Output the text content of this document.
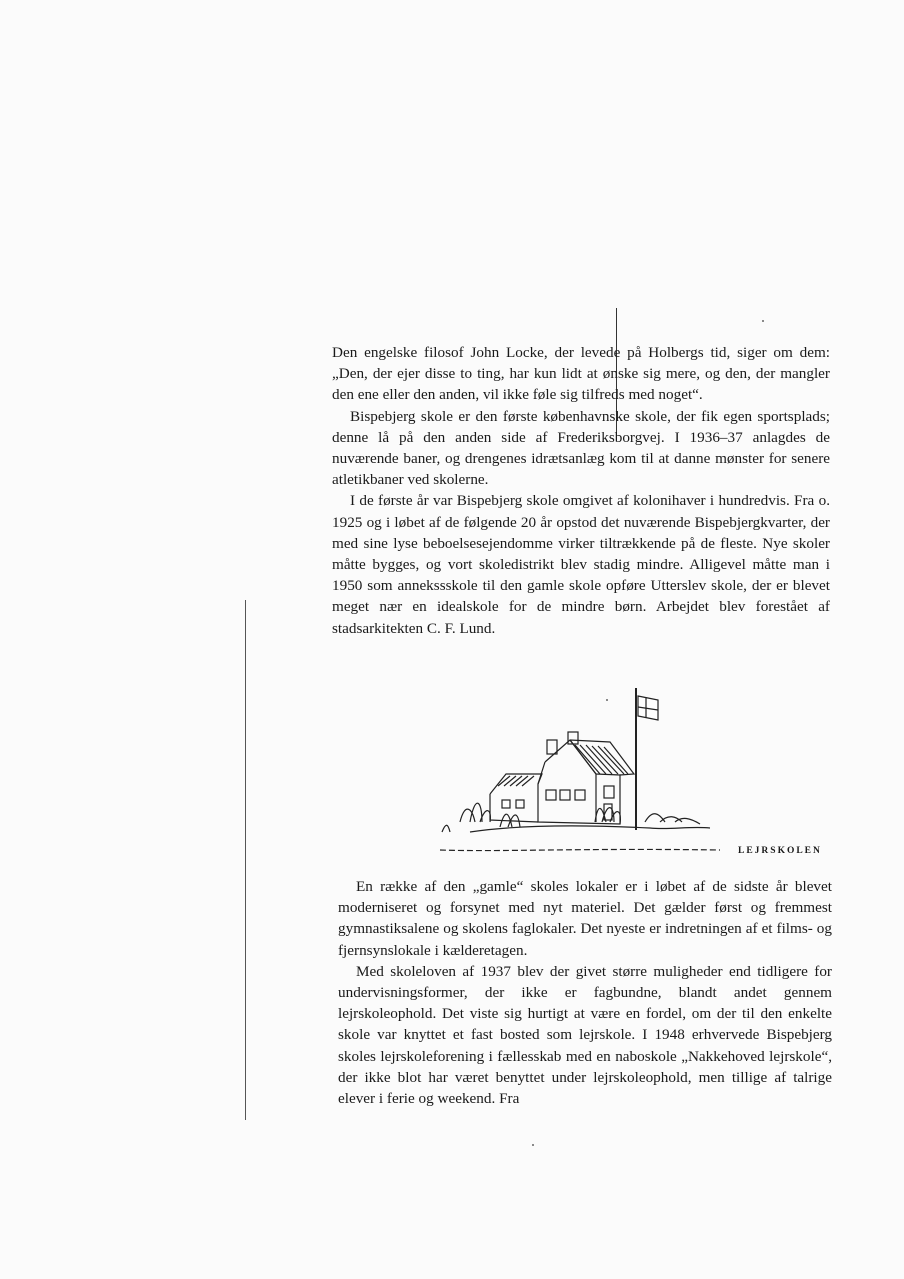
Den engelske filosof John Locke, der levede på Holbergs tid, siger om dem: „Den, der ejer disse to ting, har kun lidt at ønske sig mere, og den, der mangler den ene eller den anden, vil ikke føle sig tilfreds med noget“.

Bispebjerg skole er den første københavnske skole, der fik egen sportsplads; denne lå på den anden side af Frederiksborgvej. I 1936–37 anlagdes de nuværende baner, og drengenes idrætsanlæg kom til at danne mønster for senere atletikbaner ved skolerne.

I de første år var Bispebjerg skole omgivet af kolonihaver i hundredvis. Fra o. 1925 og i løbet af de følgende 20 år opstod det nuværende Bispebjergkvarter, der med sine lyse beboelsesejendomme virker tiltrækkende på de fleste. Nye skoler måtte bygges, og vort skoledistrikt blev stadig mindre. Alligevel måtte man i 1950 som annekssskole til den gamle skole opføre Utterslev skole, der er blevet meget nær en idealskole for de mindre børn. Arbejdet blev forestået af stadsarkitekten C. F. Lund.

LEJRSKOLEN

En række af den „gamle“ skoles lokaler er i løbet af de sidste år blevet moderniseret og forsynet med nyt materiel. Det gælder først og fremmest gymnastiksalene og skolens faglokaler. Det nyeste er indretningen af et films- og fjernsynslokale i kælderetagen.

Med skoleloven af 1937 blev der givet større muligheder end tidligere for undervisningsformer, der ikke er fagbundne, blandt andet gennem lejrskoleophold. Det viste sig hurtigt at være en fordel, om der til den enkelte skole var knyttet et fast bosted som lejrskole. I 1948 erhvervede Bispebjerg skoles lejrskoleforening i fællesskab med en naboskole „Nakkehoved lejrskole“, der ikke blot har været benyttet under lejrskoleophold, men tillige af talrige elever i ferie og weekend. Fra
